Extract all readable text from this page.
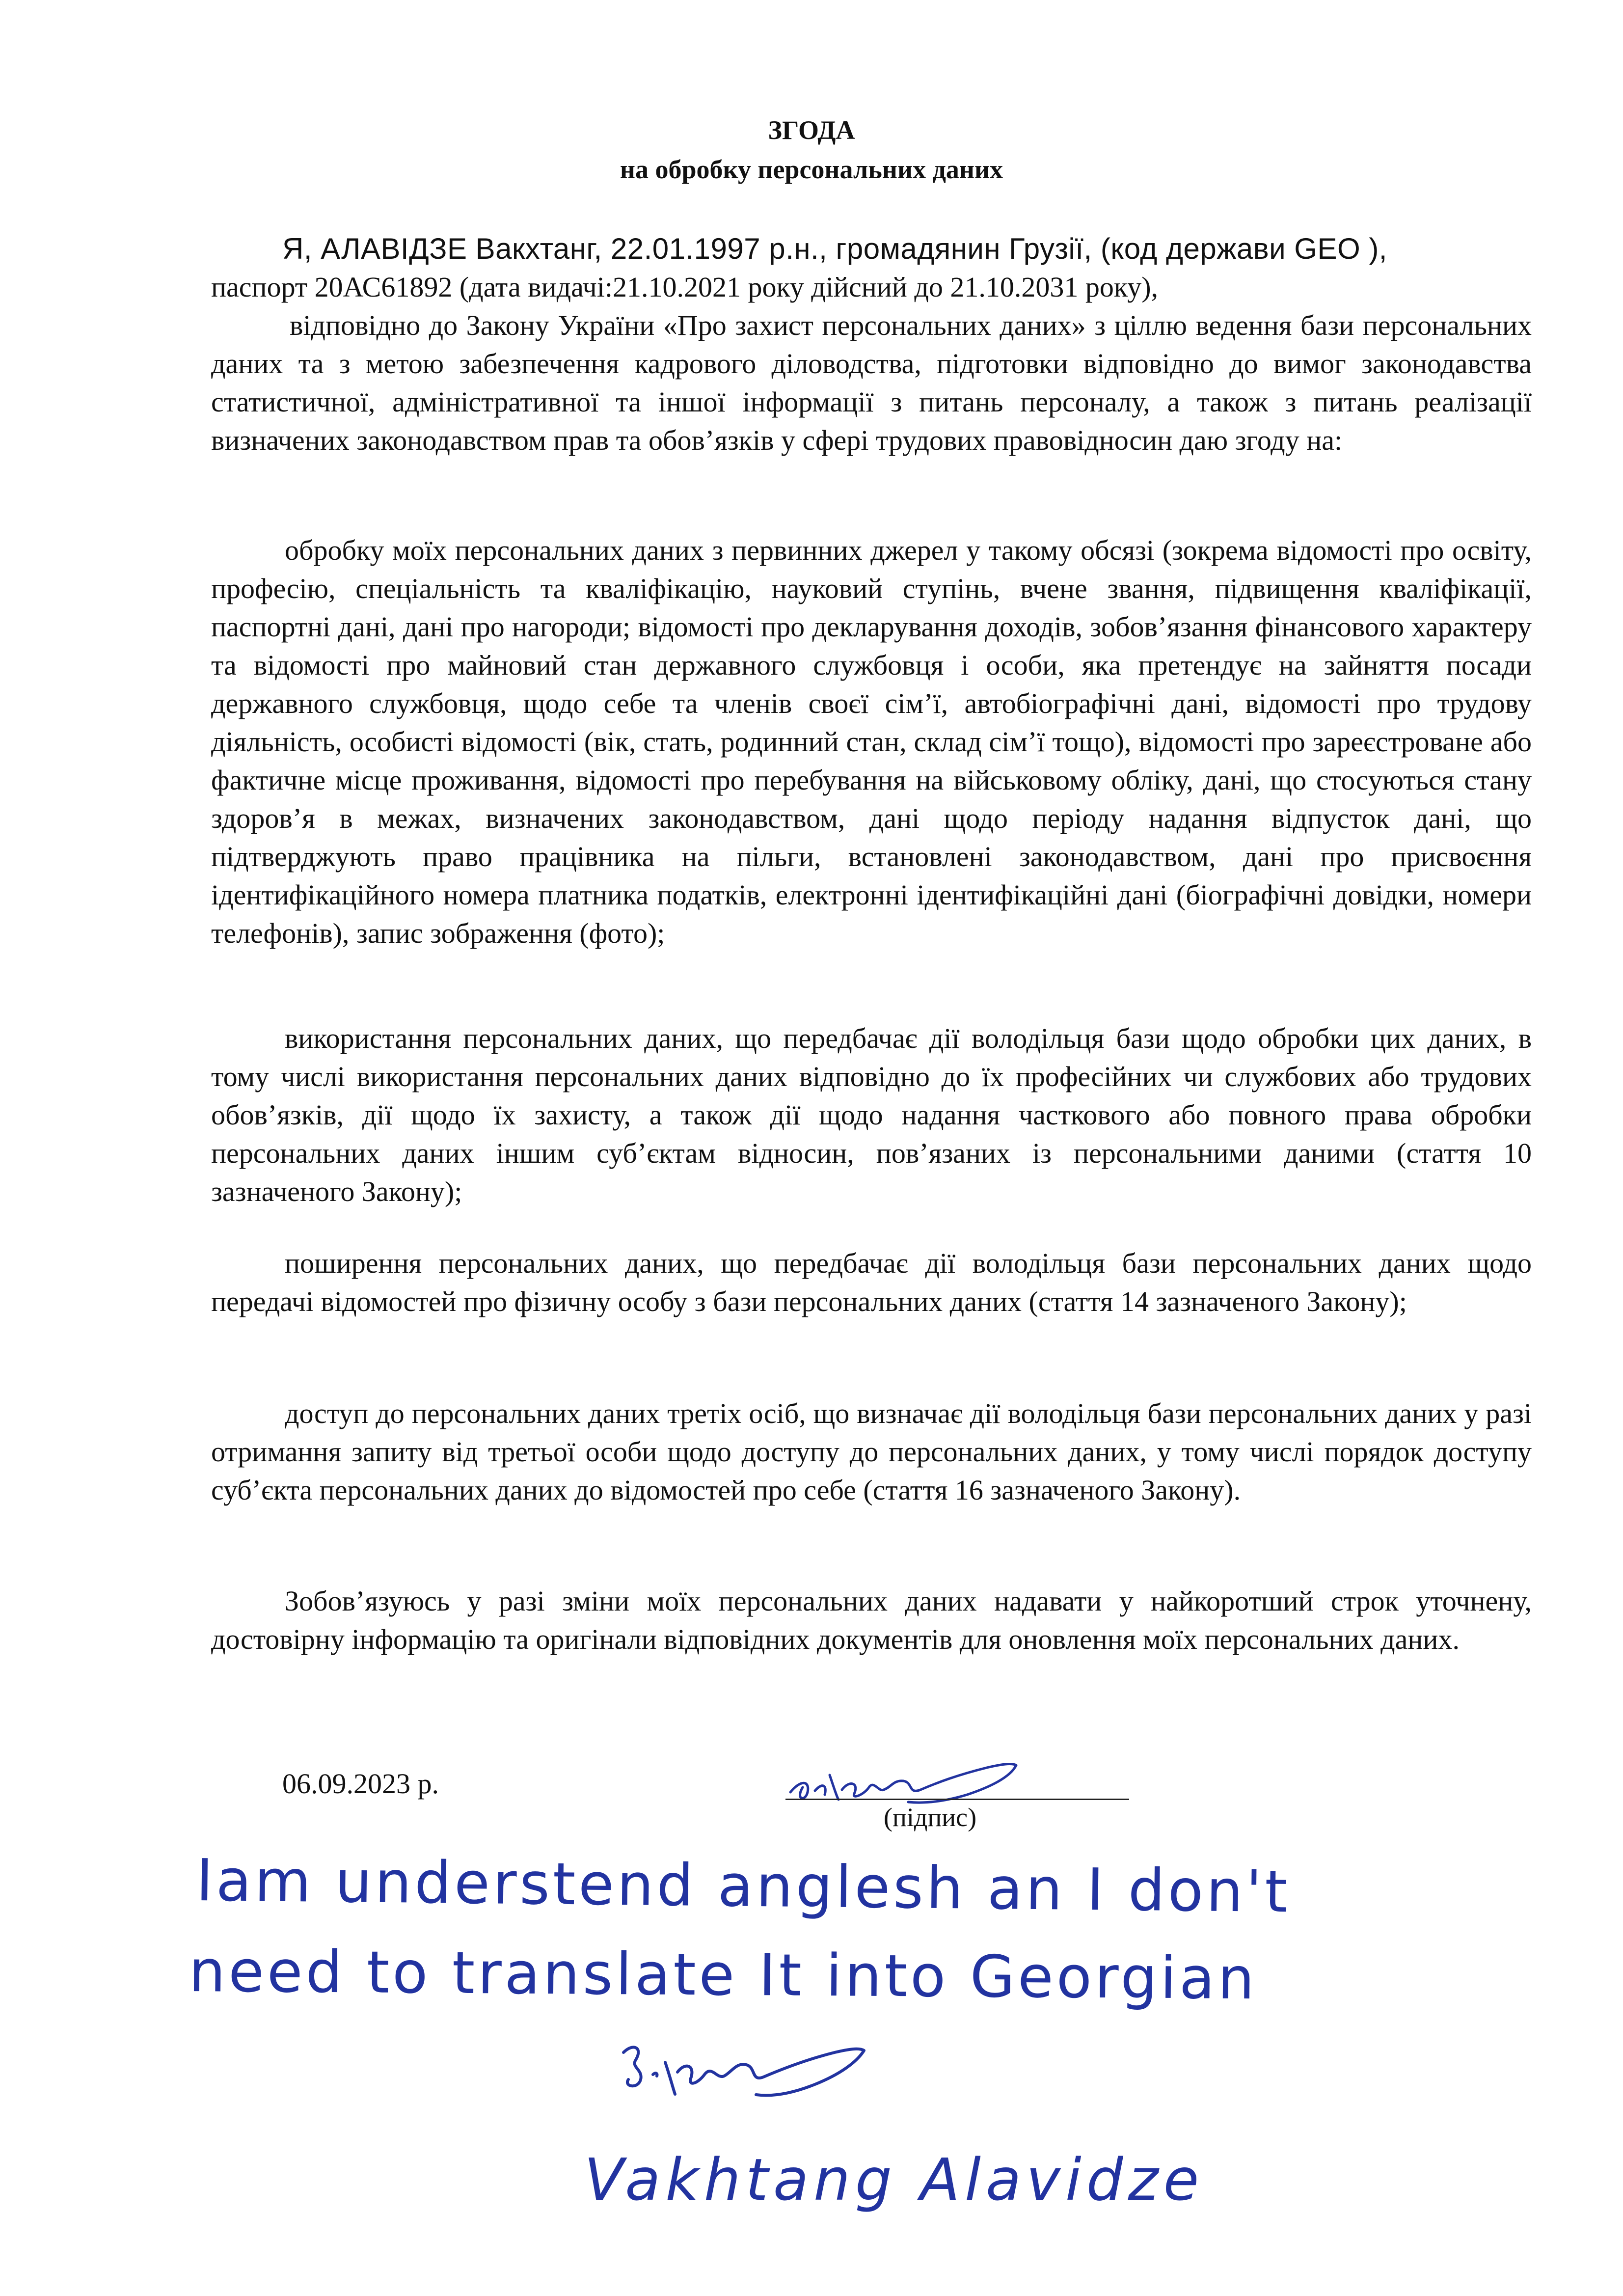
ЗГОДА

на обробку персональних даних

Я, АЛАВІДЗЕ Вакхтанг, 22.01.1997 р.н., громадянин Грузії, (код держави GEO ),

паспорт 20АС61892 (дата видачі:21.10.2021 року дійсний до 21.10.2031 року),

відповідно до Закону України «Про захист персональних даних» з ціллю ведення бази персональних даних та з метою забезпечення кадрового діловодства, підготовки відповідно до вимог законодавства статистичної, адміністративної та іншої інформації з питань персоналу, а також з питань реалізації визначених законодавством прав та обов’язків у сфері трудових правовідносин даю згоду на:

обробку моїх персональних даних з первинних джерел у такому обсязі (зокрема відомості про освіту, професію, спеціальність та кваліфікацію, науковий ступінь, вчене звання, підвищення кваліфікації, паспортні дані, дані про нагороди; відомості про декларування доходів, зобов’язання фінансового характеру та відомості про майновий стан державного службовця і особи, яка претендує на зайняття посади державного службовця, щодо себе та членів своєї сім’ї, автобіографічні дані, відомості про трудову діяльність, особисті відомості (вік, стать, родинний стан, склад сім’ї тощо), відомості про зареєстроване або фактичне місце проживання, відомості про перебування на військовому обліку, дані, що стосуються стану здоров’я в межах, визначених законодавством, дані щодо періоду надання відпусток дані, що підтверджують право працівника на пільги, встановлені законодавством, дані про присвоєння ідентифікаційного номера платника податків, електронні ідентифікаційні дані (біографічні довідки, номери телефонів), запис зображення (фото);

використання персональних даних, що передбачає дії володільця бази щодо обробки цих даних, в тому числі використання персональних даних відповідно до їх професійних чи службових або трудових обов’язків, дії щодо їх захисту, а також дії щодо надання часткового або повного права обробки персональних даних іншим суб’єктам відносин, пов’язаних із персональними даними (стаття 10 зазначеного Закону);

поширення персональних даних, що передбачає дії володільця бази персональних даних щодо передачі відомостей про фізичну особу з бази персональних даних (стаття 14 зазначеного Закону);

доступ до персональних даних третіх осіб, що визначає дії володільця бази персональних даних у разі отримання запиту від третьої особи щодо доступу до персональних даних, у тому числі порядок доступу суб’єкта персональних даних до відомостей про себе (стаття 16 зазначеного Закону).

Зобов’язуюсь у разі зміни моїх персональних даних надавати у найкоротший строк уточнену, достовірну інформацію та оригінали відповідних документів для оновлення моїх персональних даних.

06.09.2023 р.

(підпис)

Iam understend anglesh an I don't

need to translate It into Georgian

Vakhtang Alavidze
